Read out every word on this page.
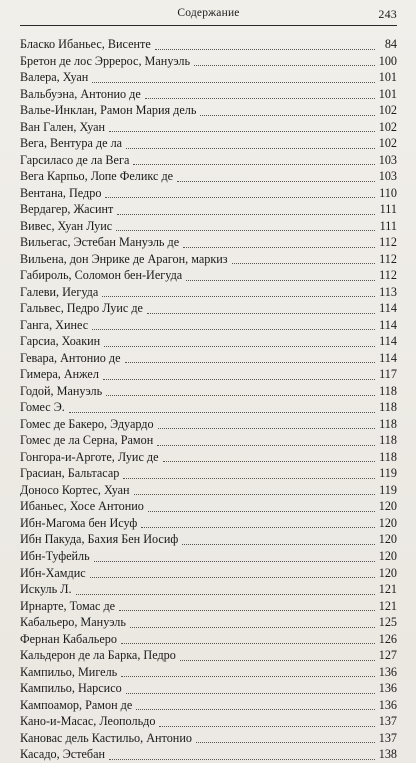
Содержание	243
Бласко Ибаньес, Висенте	84
Бретон де лос Эррерос, Мануэль	100
Валера, Хуан	101
Вальбуэна, Антонио де	101
Валье-Инклан, Рамон Мария дель	102
Ван Гален, Хуан	102
Вега, Вентура де ла	102
Гарсиласо де ла Вега	103
Вега Карпьо, Лопе Феликс де	103
Вентана, Педро	110
Вердагер, Жасинт	111
Вивес, Хуан Луис	111
Вильегас, Эстебан Мануэль де	112
Вильена, дон Энрике де Арагон, маркиз	112
Габироль, Соломон бен-Иегуда	112
Галеви, Иегуда	113
Гальвес, Педро Луис де	114
Ганга, Хинес	114
Гарсиа, Хоакин	114
Гевара, Антонио де	114
Гимера, Анжел	117
Годой, Мануэль	118
Гомес Э.	118
Гомес де Бакеро, Эдуардо	118
Гомес де ла Серна, Рамон	118
Гонгора-и-Арготе, Луис де	118
Грасиан, Бальтасар	119
Доносо Кортес, Хуан	119
Ибаньес, Хосе Антонио	120
Ибн-Магома бен Исуф	120
Ибн Пакуда, Бахия Бен Иосиф	120
Ибн-Туфейль	120
Ибн-Хамдис	120
Искуль Л.	121
Ирнарте, Томас де	121
Кабальеро, Мануэль	125
Фернан Кабальеро	126
Кальдерон де ла Барка, Педро	127
Кампильо, Мигель	136
Кампильо, Нарсисо	136
Кампоамор, Рамон де	136
Кано-и-Масас, Леопольдо	137
Кановас дель Кастильо, Антонио	137
Касадо, Эстебан	138
